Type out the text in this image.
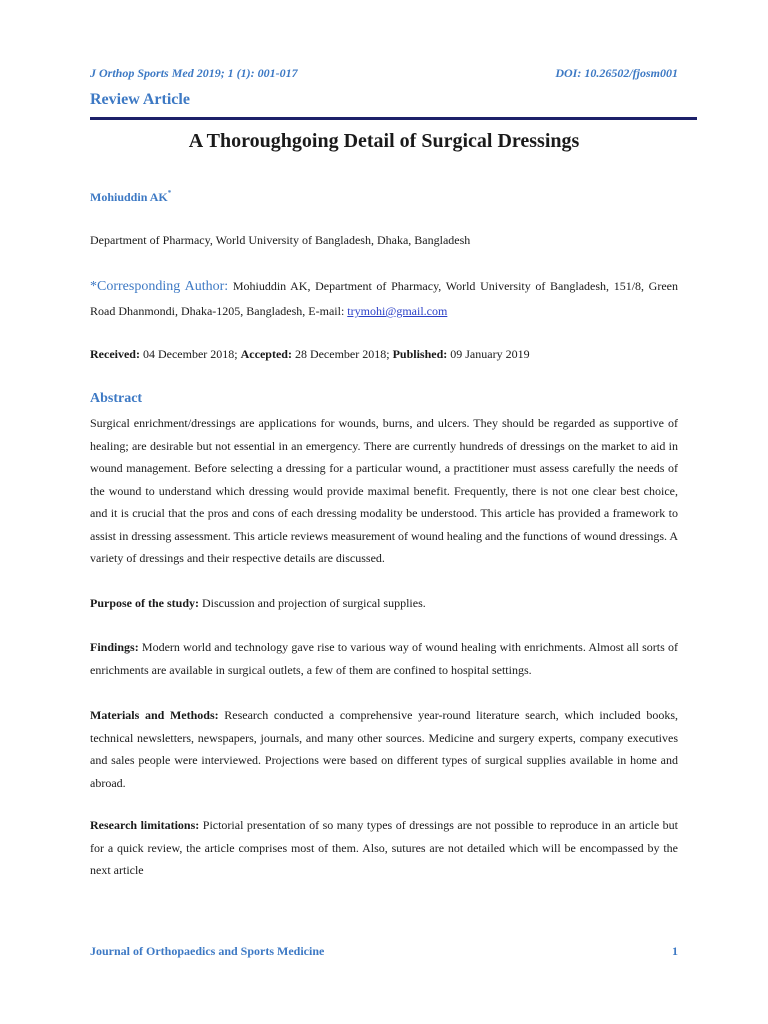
J Orthop Sports Med 2019; 1 (1): 001-017	DOI: 10.26502/fjosm001
Review Article
A Thoroughgoing Detail of Surgical Dressings
Mohiuddin AK*
Department of Pharmacy, World University of Bangladesh, Dhaka, Bangladesh
*Corresponding Author: Mohiuddin AK, Department of Pharmacy, World University of Bangladesh, 151/8, Green Road Dhanmondi, Dhaka-1205, Bangladesh, E-mail: trymohi@gmail.com
Received: 04 December 2018; Accepted: 28 December 2018; Published: 09 January 2019
Abstract
Surgical enrichment/dressings are applications for wounds, burns, and ulcers. They should be regarded as supportive of healing; are desirable but not essential in an emergency. There are currently hundreds of dressings on the market to aid in wound management. Before selecting a dressing for a particular wound, a practitioner must assess carefully the needs of the wound to understand which dressing would provide maximal benefit. Frequently, there is not one clear best choice, and it is crucial that the pros and cons of each dressing modality be understood. This article has provided a framework to assist in dressing assessment. This article reviews measurement of wound healing and the functions of wound dressings. A variety of dressings and their respective details are discussed.
Purpose of the study: Discussion and projection of surgical supplies.
Findings: Modern world and technology gave rise to various way of wound healing with enrichments. Almost all sorts of enrichments are available in surgical outlets, a few of them are confined to hospital settings.
Materials and Methods: Research conducted a comprehensive year-round literature search, which included books, technical newsletters, newspapers, journals, and many other sources. Medicine and surgery experts, company executives and sales people were interviewed. Projections were based on different types of surgical supplies available in home and abroad.
Research limitations: Pictorial presentation of so many types of dressings are not possible to reproduce in an article but for a quick review, the article comprises most of them. Also, sutures are not detailed which will be encompassed by the next article
Journal of Orthopaedics and Sports Medicine	1
